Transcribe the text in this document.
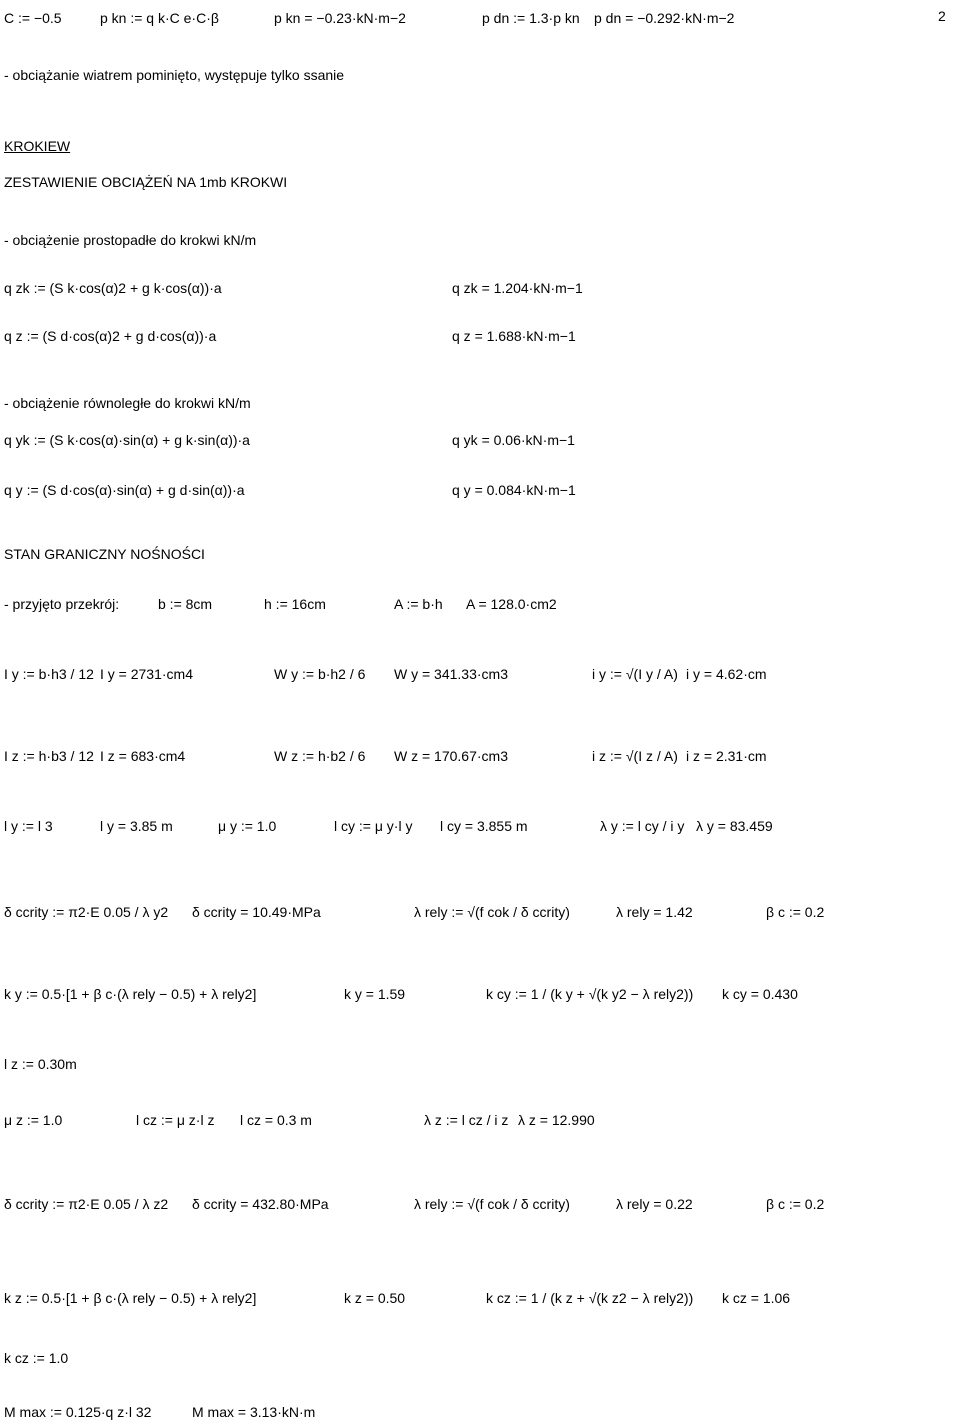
2
C := −0.5	p kn := q k·C e·C·β	p kn = −0.23·kN·m−2	p dn := 1.3·p kn p dn = −0.292·kN·m−2
- obciążanie wiatrem pominięto, występuje tylko ssanie
KROKIEW
ZESTAWIENIE OBCIĄŻEŃ NA 1mb KROKWI
- obciążenie prostopadłe do krokwi kN/m
q zk := (S k·cos(α)2 + g k·cos(α))·a	q zk = 1.204·kN·m−1
q z := (S d·cos(α)2 + g d·cos(α))·a	q z = 1.688·kN·m−1
- obciążenie równoległe do krokwi kN/m
q yk := (S k·cos(α)·sin(α) + g k·sin(α))·a	q yk = 0.06·kN·m−1
q y := (S d·cos(α)·sin(α) + g d·sin(α))·a	q y = 0.084·kN·m−1
STAN GRANICZNY NOŚNOŚCI
- przyjęto przekrój:	b := 8cm	h := 16cm	A := b·h A = 128.0·cm2
I y := b·h3 / 12 I y = 2731·cm4	W y := b·h2 / 6 W y = 341.33·cm3	i y := √(I y / A) i y = 4.62·cm
I z := h·b3 / 12 I z = 683·cm4	W z := h·b2 / 6 W z = 170.67·cm3	i z := √(I z / A) i z = 2.31·cm
l y := l 3	l y = 3.85 m	μ y := 1.0	l cy := μ y·l y l cy = 3.855 m	λ y := l cy / i y λ y = 83.459
δ ccrity := π2·E 0.05 / λ y2 δ ccrity = 10.49·MPa	λ rely := √(f cok / δ ccrity)	λ rely = 1.42	β c := 0.2
k y := 0.5·[1 + β c·(λ rely − 0.5) + λ rely2]	k y = 1.59	k cy := 1 / (k y + √(k y2 − λ rely2)) k cy = 0.430
l z := 0.30m
μ z := 1.0	l cz := μ z·l z l cz = 0.3 m	λ z := l cz / i z λ z = 12.990
δ ccrity := π2·E 0.05 / λ z2 δ ccrity = 432.80·MPa	λ rely := √(f cok / δ ccrity)	λ rely = 0.22	β c := 0.2
k z := 0.5·[1 + β c·(λ rely − 0.5) + λ rely2]	k z = 0.50	k cz := 1 / (k z + √(k z2 − λ rely2)) k cz = 1.06
k cz := 1.0
M max := 0.125·q z·l 32	M max = 3.13·kN·m
